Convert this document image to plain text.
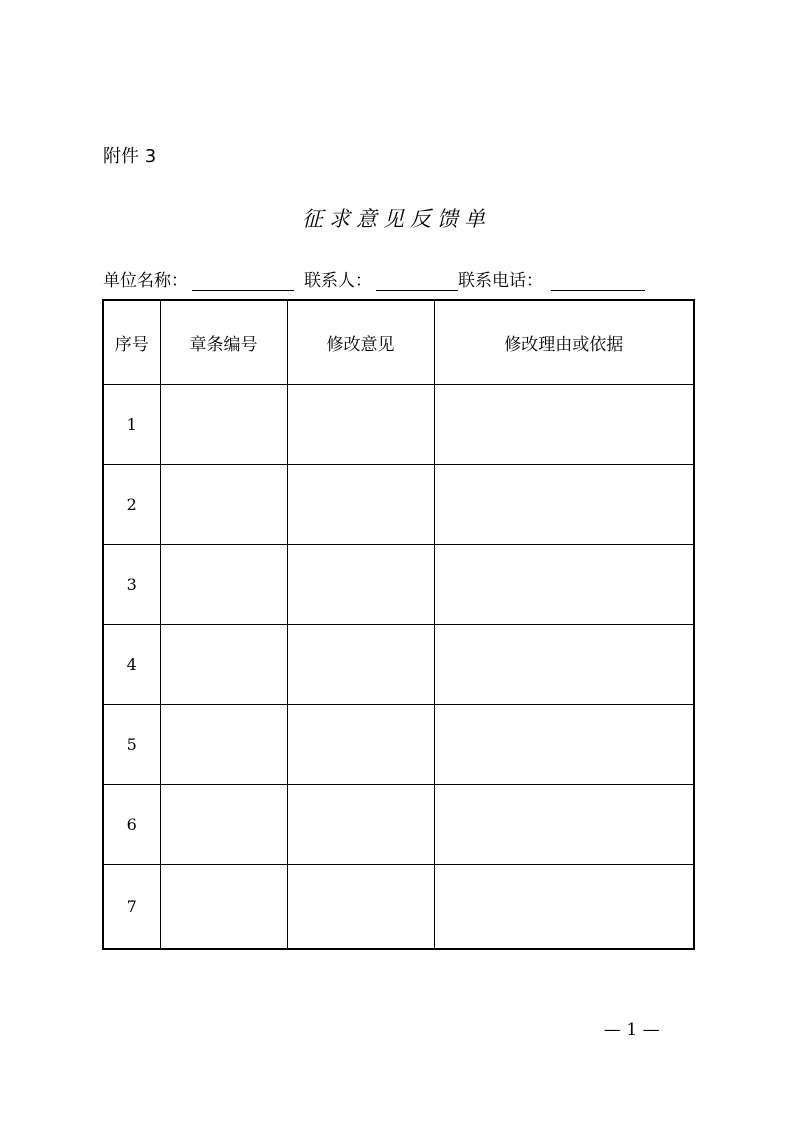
附件 3
征求意见反馈单
单位名称：	联系人：	联系电话：
序号	章条编号	修改意见	修改理由或依据
1			
2			
3			
4			
5			
6			
7			
— 1 —
